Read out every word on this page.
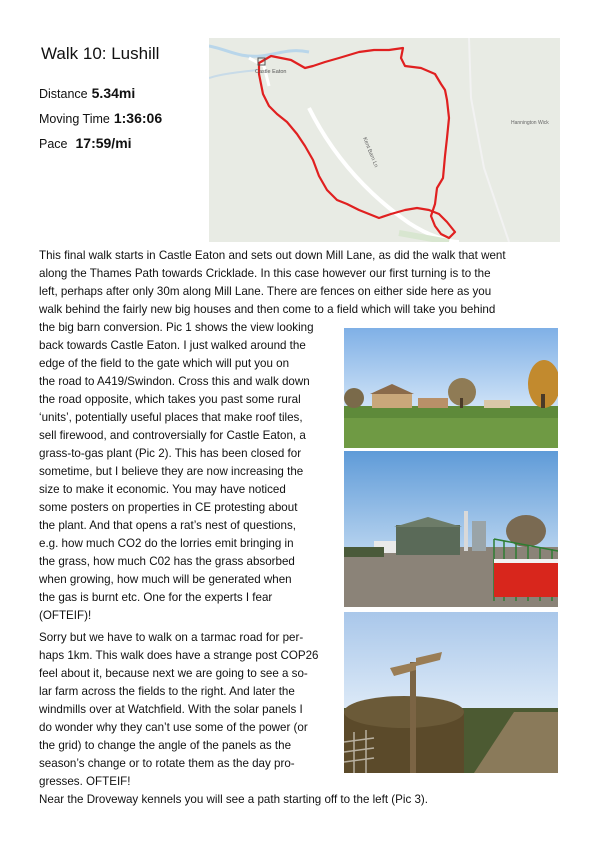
Walk 10: Lushill
Distance 5.34mi
Moving Time 1:36:06
Pace 17:59/mi
Castle Eaton
Kent Barn Ln
Hannington Wick
This final walk starts in Castle Eaton and sets out down Mill Lane, as did the walk that went
along the Thames Path towards Cricklade. In this case however our first turning is to the
left, perhaps after only 30m along Mill Lane. There are fences on either side here as you
walk behind the fairly new big houses and then come to a field which will take you behind
the big barn conversion. Pic 1 shows the view looking
back towards Castle Eaton. I just walked around the
edge of the field to the gate which will put you on
the road to A419/Swindon. Cross this and walk down
the road opposite, which takes you past some rural
‘units’, potentially useful places that make roof tiles,
sell firewood, and controversially for Castle Eaton, a
grass-to-gas plant (Pic 2). This has been closed for
sometime, but I believe they are now increasing the
size to make it economic. You may have noticed
some posters on properties in CE protesting about
the plant. And that opens a rat’s nest of questions,
e.g. how much CO2 do the lorries emit bringing in
the grass, how much C02 has the grass absorbed
when growing, how much will be generated when
the gas is burnt etc. One for the experts I fear
(OFTEIF)!
Sorry but we have to walk on a tarmac road for per-
haps 1km. This walk does have a strange post COP26
feel about it, because next we are going to see a so-
lar farm across the fields to the right. And later the
windmills over at Watchfield. With the solar panels I
do wonder why they can’t use some of the power (or
the grid) to change the angle of the panels as the
season’s change or to rotate them as the day pro-
gresses. OFTEIF!
Near the Droveway kennels you will see a path starting off to the left (Pic 3).
